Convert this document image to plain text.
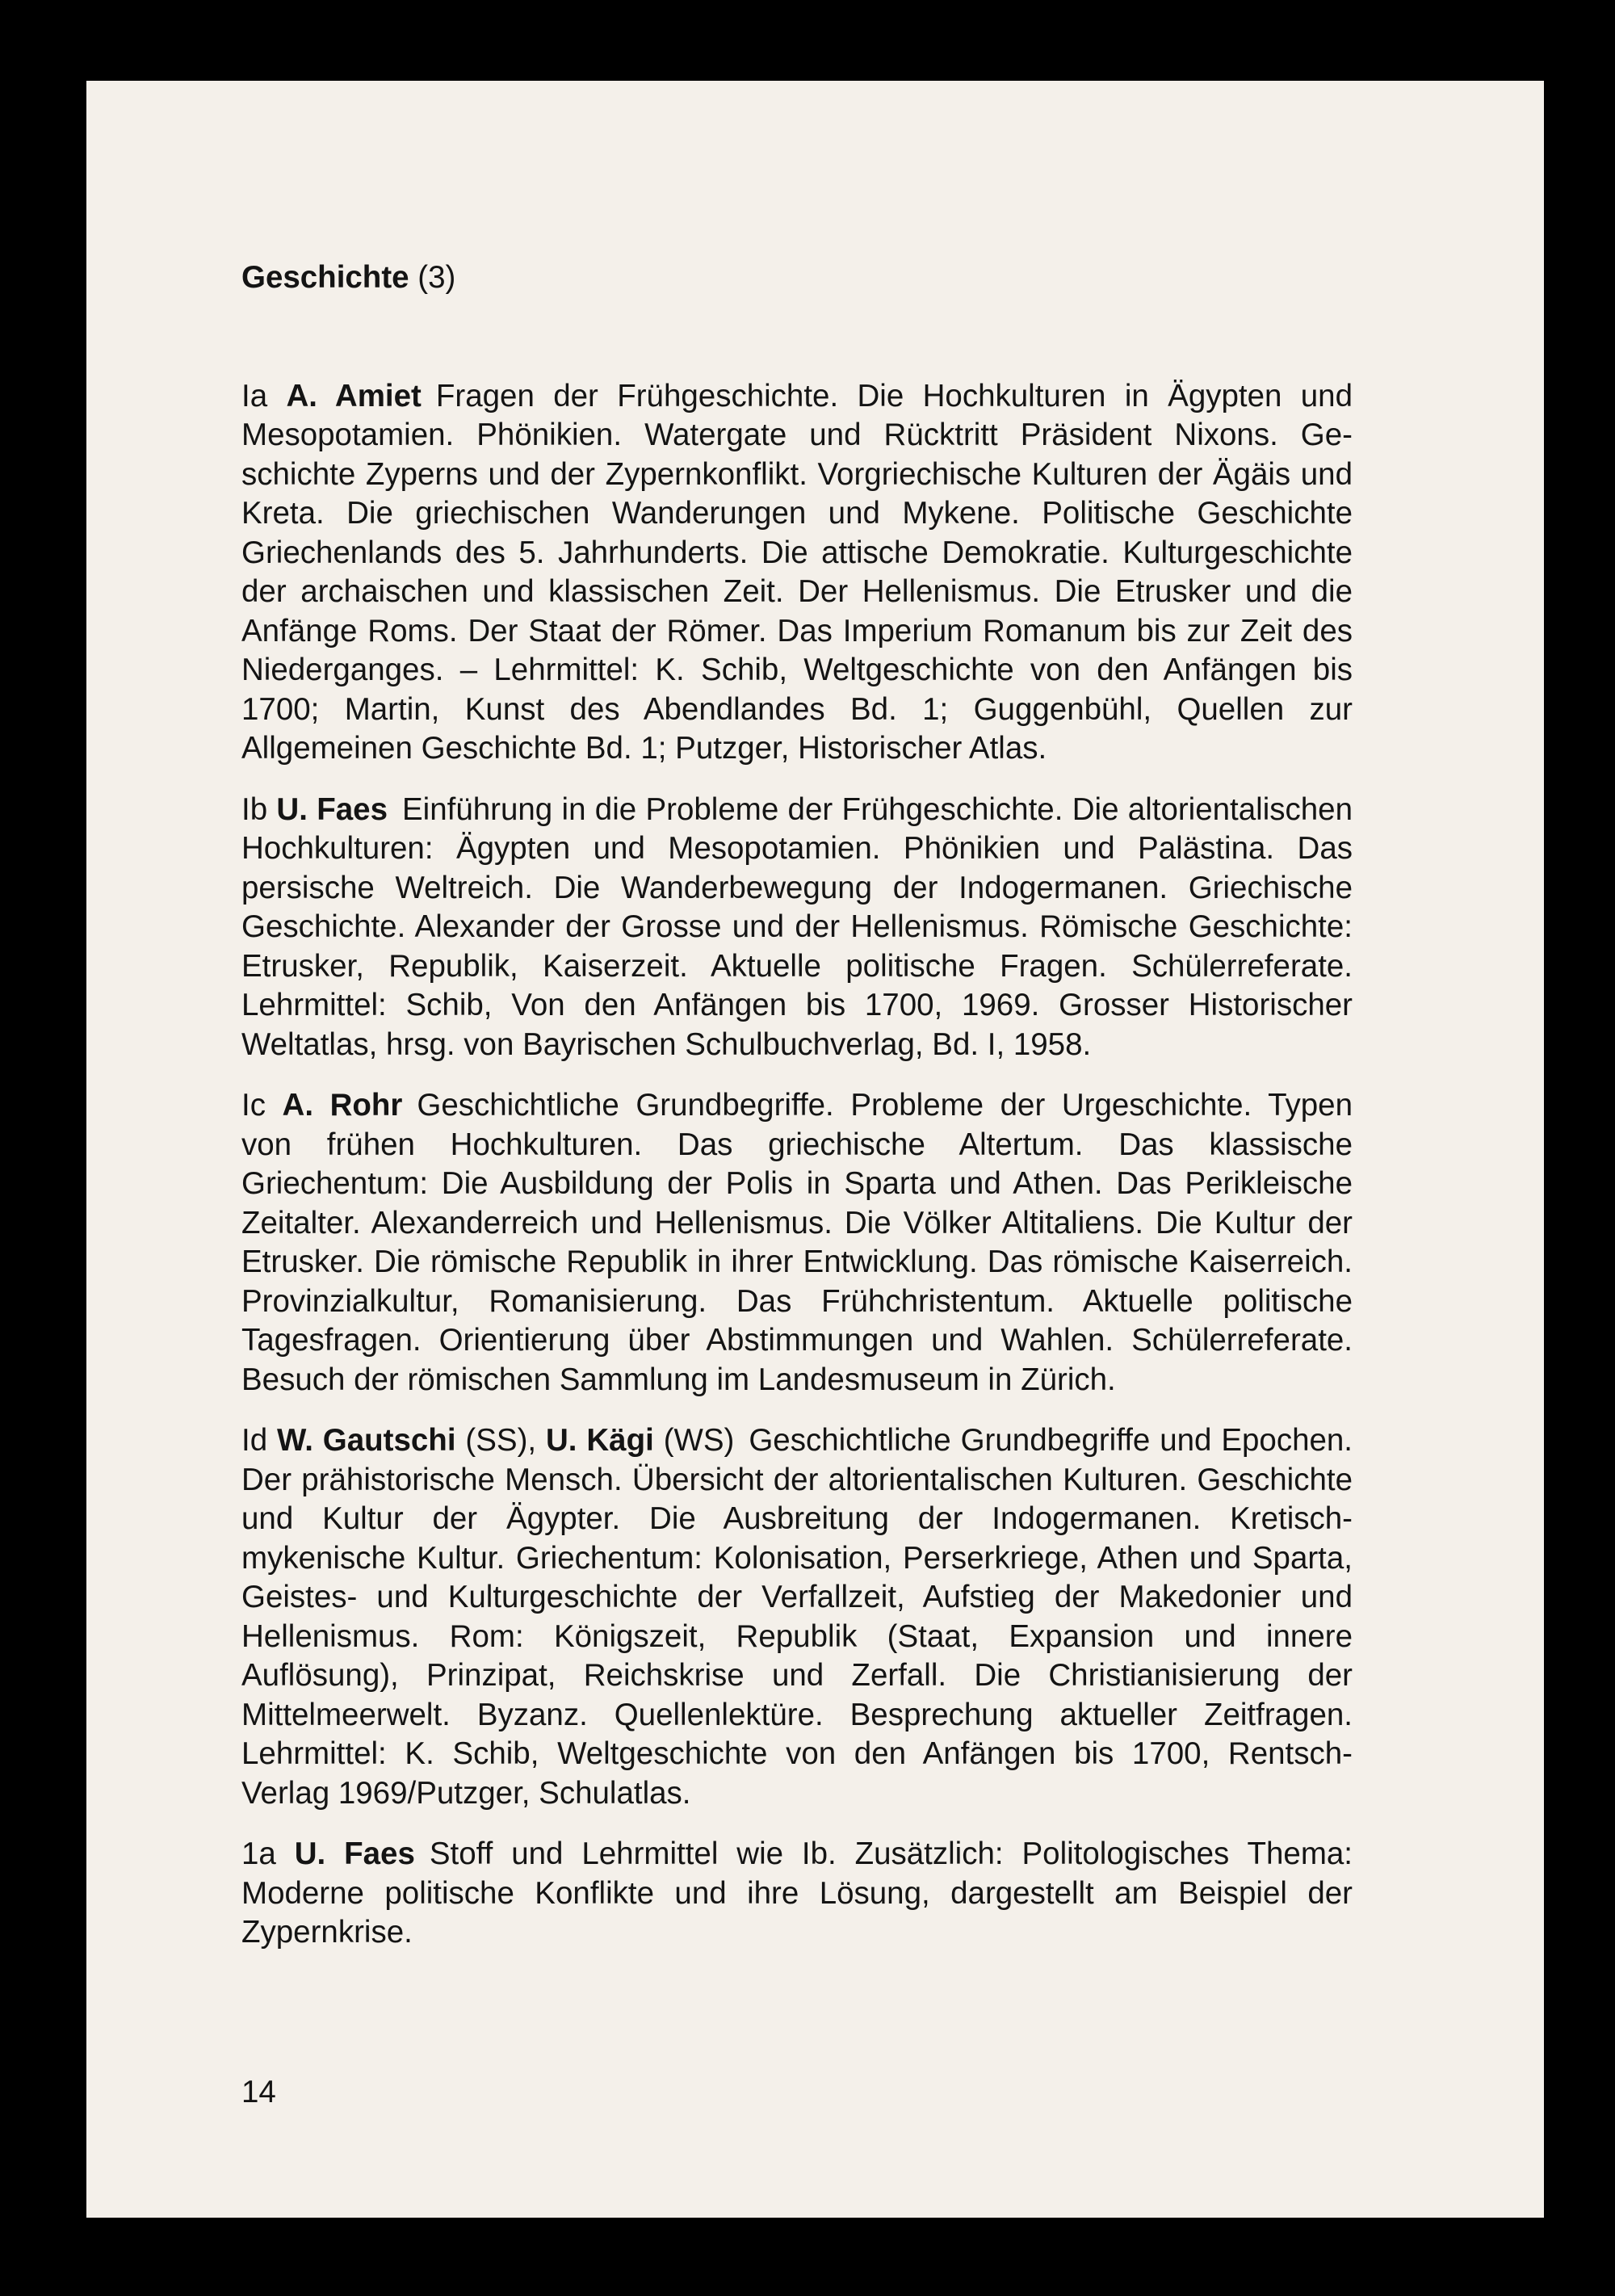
Geschichte (3)

Ia A. Amiet Fragen der Frühgeschichte. Die Hochkulturen in Ägypten und Mesopotamien. Phönikien. Watergate und Rücktritt Präsident Nixons. Geschichte Zyperns und der Zypernkonflikt. Vorgriechische Kulturen der Ägäis und Kreta. Die griechischen Wanderungen und Mykene. Politische Geschichte Griechenlands des 5. Jahrhunderts. Die attische Demokratie. Kulturgeschichte der archaischen und klassischen Zeit. Der Hellenismus. Die Etrusker und die Anfänge Roms. Der Staat der Römer. Das Imperium Romanum bis zur Zeit des Niederganges. – Lehrmittel: K. Schib, Weltgeschichte von den Anfängen bis 1700; Martin, Kunst des Abendlandes Bd. 1; Guggenbühl, Quellen zur Allgemeinen Geschichte Bd. 1; Putzger, Historischer Atlas.

Ib U. Faes Einführung in die Probleme der Frühgeschichte. Die altorientalischen Hochkulturen: Ägypten und Mesopotamien. Phönikien und Palästina. Das persische Weltreich. Die Wanderbewegung der Indogermanen. Griechische Geschichte. Alexander der Grosse und der Hellenismus. Römische Geschichte: Etrusker, Republik, Kaiserzeit. Aktuelle politische Fragen. Schülerreferate. Lehrmittel: Schib, Von den Anfängen bis 1700, 1969. Grosser Historischer Weltatlas, hrsg. von Bayrischen Schulbuchverlag, Bd. I, 1958.

Ic A. Rohr Geschichtliche Grundbegriffe. Probleme der Urgeschichte. Typen von frühen Hochkulturen. Das griechische Altertum. Das klassische Griechentum: Die Ausbildung der Polis in Sparta und Athen. Das Perikleische Zeitalter. Alexanderreich und Hellenismus. Die Völker Altitaliens. Die Kultur der Etrusker. Die römische Republik in ihrer Entwicklung. Das römische Kaiserreich. Provinzialkultur, Romanisierung. Das Frühchristentum. Aktuelle politische Tagesfragen. Orientierung über Abstimmungen und Wahlen. Schülerreferate. Besuch der römischen Sammlung im Landesmuseum in Zürich.

Id W. Gautschi (SS), U. Kägi (WS) Geschichtliche Grundbegriffe und Epochen. Der prähistorische Mensch. Übersicht der altorientalischen Kulturen. Geschichte und Kultur der Ägypter. Die Ausbreitung der Indogermanen. Kretisch-mykenische Kultur. Griechentum: Kolonisation, Perserkriege, Athen und Sparta, Geistes- und Kulturgeschichte der Verfallzeit, Aufstieg der Makedonier und Hellenismus. Rom: Königszeit, Republik (Staat, Expansion und innere Auflösung), Prinzipat, Reichskrise und Zerfall. Die Christianisierung der Mittelmeerwelt. Byzanz. Quellenlektüre. Besprechung aktueller Zeitfragen. Lehrmittel: K. Schib, Weltgeschichte von den Anfängen bis 1700, Rentsch-Verlag 1969/Putzger, Schulatlas.

1a U. Faes Stoff und Lehrmittel wie Ib. Zusätzlich: Politologisches Thema: Moderne politische Konflikte und ihre Lösung, dargestellt am Beispiel der Zypernkrise.

14
